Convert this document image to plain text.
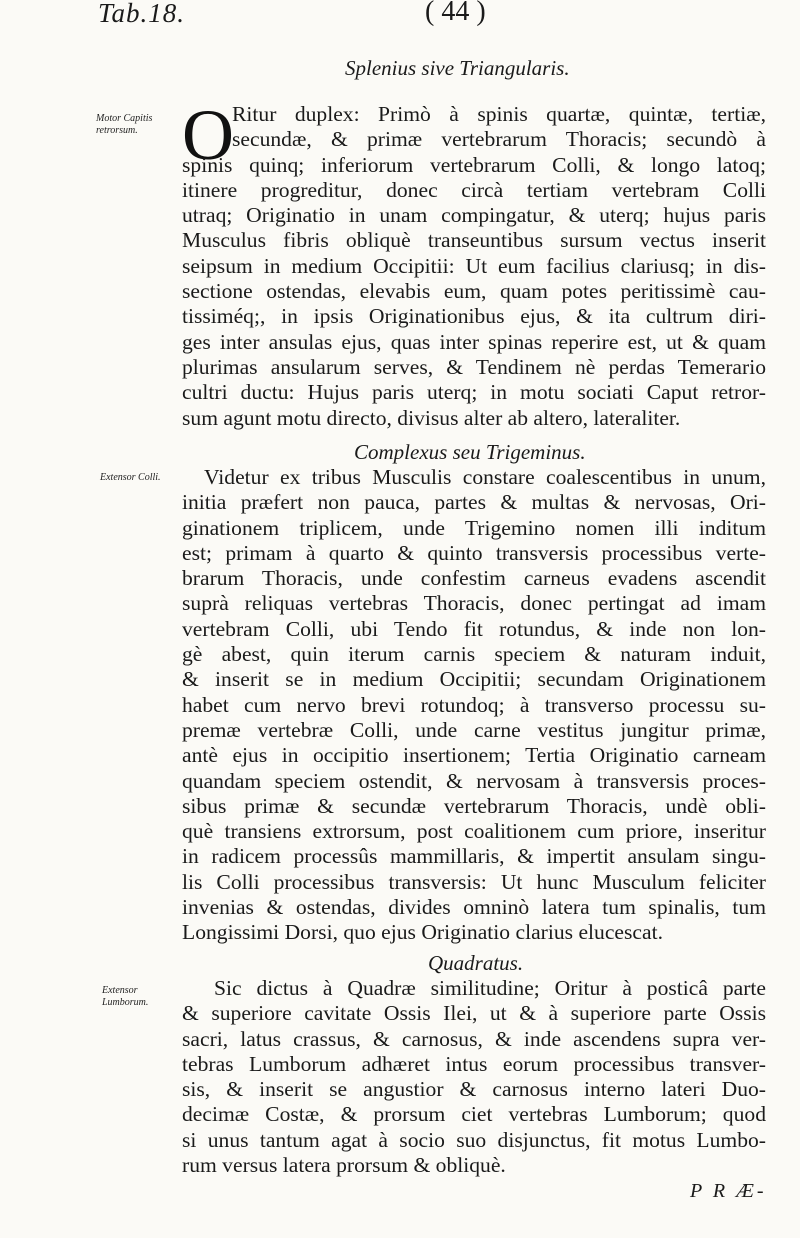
Tab.18.	( 44 )
Splenius sive Triangularis.
Motor Capitis
retrorsum. O
Ritur duplex: Primò à spinis quartæ, quintæ, tertiæ,
secundæ, & primæ vertebrarum Thoracis; secundò à
spinis quinq; inferiorum vertebrarum Colli, & longo latoq;
itinere progreditur, donec circà tertiam vertebram Colli
utraq; Originatio in unam compingatur, & uterq; hujus paris
Musculus fibris obliquè transeuntibus sursum vectus inserit
seipsum in medium Occipitii: Ut eum facilius clariusq; in dis-
sectione ostendas, elevabis eum, quam potes peritissimè cau-
tissiméq;, in ipsis Originationibus ejus, & ita cultrum diri-
ges inter ansulas ejus, quas inter spinas reperire est, ut & quam
plurimas ansularum serves, & Tendinem nè perdas Temerario
cultri ductu: Hujus paris uterq; in motu sociati Caput retror-
sum agunt motu directo, divisus alter ab altero, lateraliter.
Complexus seu Trigeminus.
Extensor Colli.	Videtur ex tribus Musculis constare coalescentibus in unum,
initia præfert non pauca, partes & multas & nervosas, Ori-
ginationem triplicem, unde Trigemino nomen illi inditum
est; primam à quarto & quinto transversis processibus verte-
brarum Thoracis, unde confestim carneus evadens ascendit
suprà reliquas vertebras Thoracis, donec pertingat ad imam
vertebram Colli, ubi Tendo fit rotundus, & inde non lon-
gè abest, quin iterum carnis speciem & naturam induit,
& inserit se in medium Occipitii; secundam Originationem
habet cum nervo brevi rotundoq; à transverso processu su-
premæ vertebræ Colli, unde carne vestitus jungitur primæ,
antè ejus in occipitio insertionem; Tertia Originatio carneam
quandam speciem ostendit, & nervosam à transversis proces-
sibus primæ & secundæ vertebrarum Thoracis, undè obli-
què transiens extrorsum, post coalitionem cum priore, inseritur
in radicem processûs mammillaris, & impertit ansulam singu-
lis Colli processibus transversis: Ut hunc Musculum feliciter
invenias & ostendas, divides omninò latera tum spinalis, tum
Longissimi Dorsi, quo ejus Originatio clarius elucescat.
Quadratus.
Extensor
Lumborum.
Sic dictus à Quadræ similitudine; Oritur à posticâ parte
& superiore cavitate Ossis Ilei, ut & à superiore parte Ossis
sacri, latus crassus, & carnosus, & inde ascendens supra ver-
tebras Lumborum adhæret intus eorum processibus transver-
sis, & inserit se angustior & carnosus interno lateri Duo-
decimæ Costæ, & prorsum ciet vertebras Lumborum; quod
si unus tantum agat à socio suo disjunctus, fit motus Lumbo-
rum versus latera prorsum & obliquè.
P R Æ-
